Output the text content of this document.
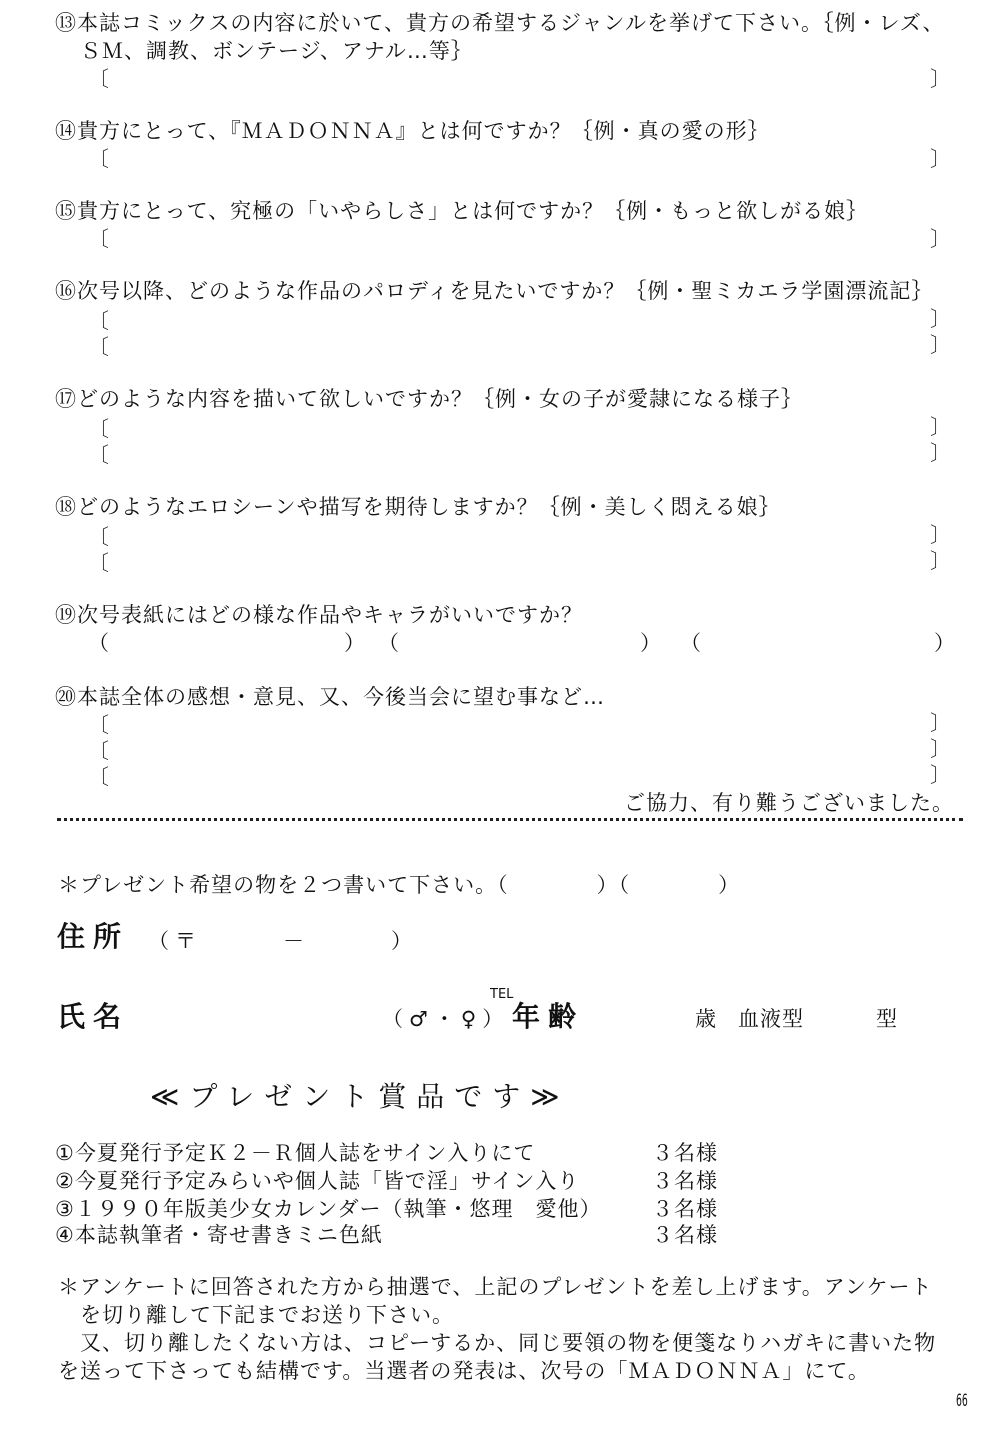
⑬本誌コミックスの内容に於いて、貴方の希望するジャンルを挙げて下さい。｛例・レズ、
ＳＭ、調教、ボンテージ、アナル…等｝
〔	〕
⑭貴方にとって、『ＭＡＤＯＮＮＡ』とは何ですか？｛例・真の愛の形｝
〔	〕
⑮貴方にとって、究極の「いやらしさ」とは何ですか？｛例・もっと欲しがる娘｝
〔	〕
⑯次号以降、どのような作品のパロディを見たいですか？｛例・聖ミカエラ学園漂流記｝
〔	〕
〔	〕
⑰どのような内容を描いて欲しいですか？｛例・女の子が愛隷になる様子｝
〔	〕
〔	〕
⑱どのようなエロシーンや描写を期待しますか？｛例・美しく悶える娘｝
〔	〕
〔	〕
⑲次号表紙にはどの様な作品やキャラがいいですか？
（	） （	） （	）
⑳本誌全体の感想・意見、又、今後当会に望む事など…
〔	〕
〔	〕
〔	〕
ご協力、有り難うございました。
＊プレゼント希望の物を２つ書いて下さい。（　　　　）（　　　　）
住所 （〒　　　－　　　）
TEL
氏名	（♂・♀） 年齢	歳 血液型	型
≪プレゼント賞品です≫
①今夏発行予定Ｋ２－Ｒ個人誌をサイン入りにて	３名様
②今夏発行予定みらいや個人誌「皆で淫」サイン入り	３名様
③１９９０年版美少女カレンダー（執筆・悠理　愛他） ３名様
④本誌執筆者・寄せ書きミニ色紙	３名様
＊アンケートに回答された方から抽選で、上記のプレゼントを差し上げます。アンケート
を切り離して下記までお送り下さい。
又、切り離したくない方は、コピーするか、同じ要領の物を便箋なりハガキに書いた物
を送って下さっても結構です。当選者の発表は、次号の「ＭＡＤＯＮＮＡ」にて。
66
